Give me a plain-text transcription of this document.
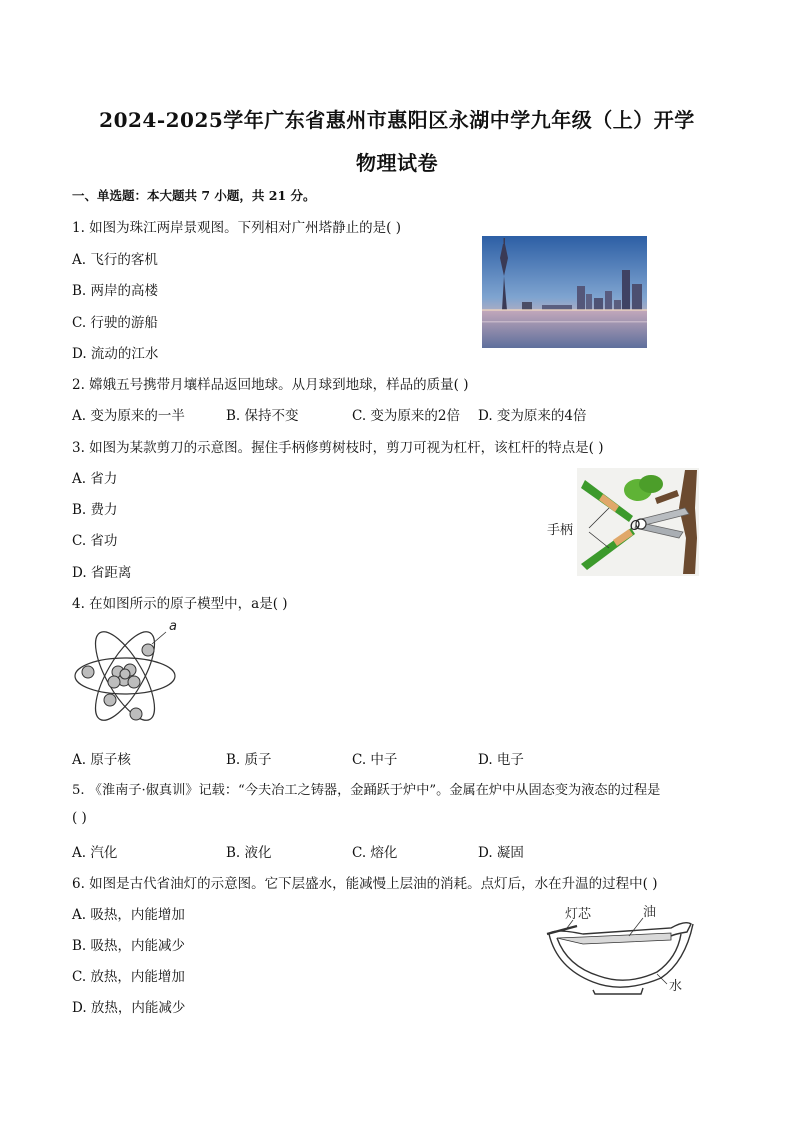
2024-2025学年广东省惠州市惠阳区永湖中学九年级（上）开学
物理试卷
一、单选题：本大题共 7 小题，共 21 分。
1. 如图为珠江两岸景观图。下列相对广州塔静止的是( )
A. 飞行的客机
B. 两岸的高楼
C. 行驶的游船
D. 流动的江水
2. 嫦娥五号携带月壤样品返回地球。从月球到地球，样品的质量( )
A. 变为原来的一半	B. 保持不变	C. 变为原来的2倍 D. 变为原来的4倍
3. 如图为某款剪刀的示意图。握住手柄修剪树枝时，剪刀可视为杠杆，该杠杆的特点是( )
A. 省力
B. 费力
C. 省功
D. 省距离
手柄	O
4. 在如图所示的原子模型中，a是( )
a
A. 原子核	B. 质子	C. 中子	D. 电子
5. 《淮南子·俶真训》记载：“今夫冶工之铸器，金踊跃于炉中”。金属在炉中从固态变为液态的过程是
( )
A. 汽化	B. 液化	C. 熔化	D. 凝固
6. 如图是古代省油灯的示意图。它下层盛水，能减慢上层油的消耗。点灯后，水在升温的过程中( )
A. 吸热，内能增加
B. 吸热，内能减少
C. 放热，内能增加
D. 放热，内能减少
灯芯	油
水
